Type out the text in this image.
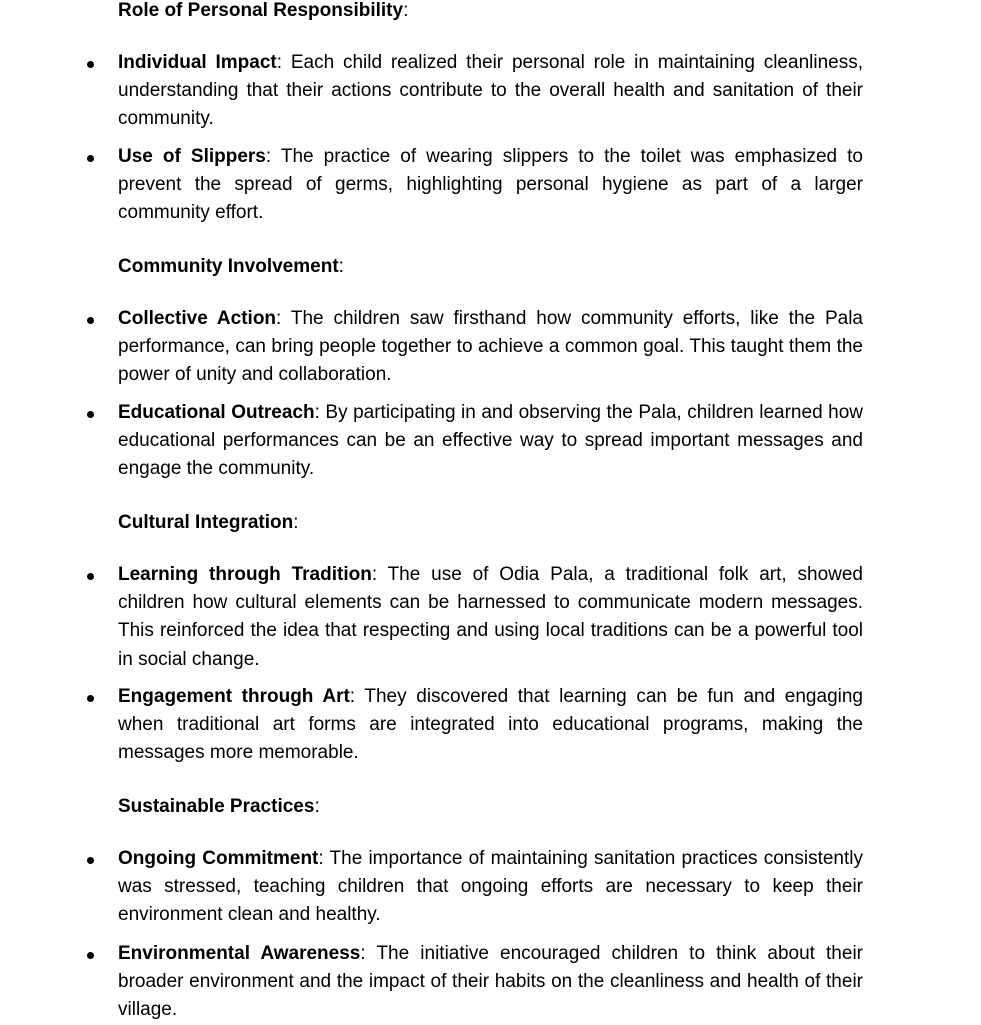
Role of Personal Responsibility:
Individual Impact: Each child realized their personal role in maintaining cleanliness, understanding that their actions contribute to the overall health and sanitation of their community.
Use of Slippers: The practice of wearing slippers to the toilet was emphasized to prevent the spread of germs, highlighting personal hygiene as part of a larger community effort.
Community Involvement:
Collective Action: The children saw firsthand how community efforts, like the Pala performance, can bring people together to achieve a common goal. This taught them the power of unity and collaboration.
Educational Outreach: By participating in and observing the Pala, children learned how educational performances can be an effective way to spread important messages and engage the community.
Cultural Integration:
Learning through Tradition: The use of Odia Pala, a traditional folk art, showed children how cultural elements can be harnessed to communicate modern messages. This reinforced the idea that respecting and using local traditions can be a powerful tool in social change.
Engagement through Art: They discovered that learning can be fun and engaging when traditional art forms are integrated into educational programs, making the messages more memorable.
Sustainable Practices:
Ongoing Commitment: The importance of maintaining sanitation practices consistently was stressed, teaching children that ongoing efforts are necessary to keep their environment clean and healthy.
Environmental Awareness: The initiative encouraged children to think about their broader environment and the impact of their habits on the cleanliness and health of their village.
